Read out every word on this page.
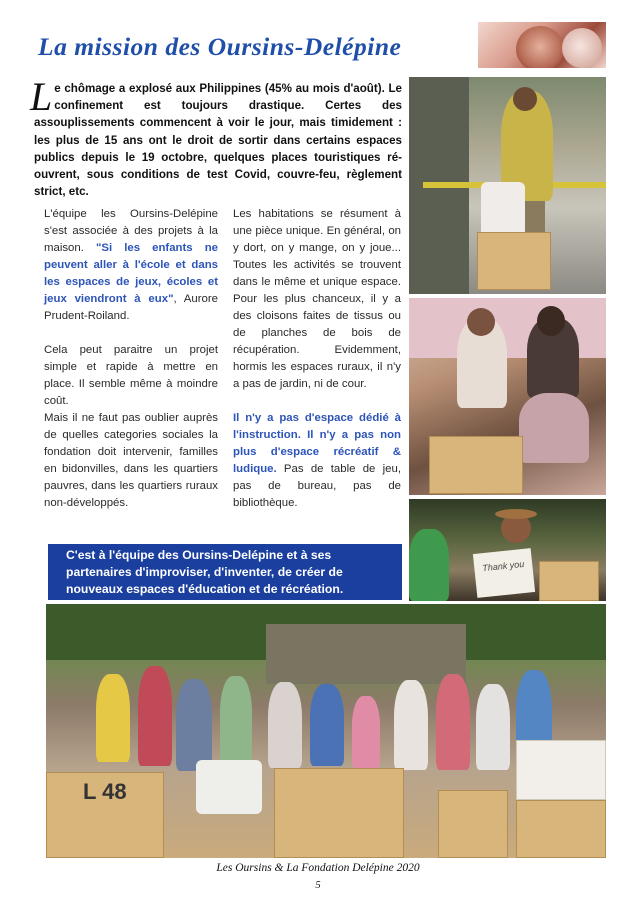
La mission des Oursins-Delépine
Le chômage a explosé aux Philippines (45% au mois d'août). Le confinement est toujours drastique. Certes des assouplissements commencent à voir le jour, mais timidement : les plus de 15 ans ont le droit de sortir dans certains espaces publics depuis le 19 octobre, quelques places touristiques ré-ouvrent, sous conditions de test Covid, couvre-feu, règlement strict, etc.

L'équipe les Oursins-Delépine s'est associée à des projets à la maison. "Si les enfants ne peuvent aller à l'école et dans les espaces de jeux, écoles et jeux viendront à eux", Aurore Prudent-Roiland.

Cela peut paraitre un projet simple et rapide à mettre en place. Il semble même à moindre coût.

Mais il ne faut pas oublier auprès de quelles categories sociales la fondation doit intervenir, familles en bidonvilles, dans les quartiers pauvres, dans les quartiers ruraux non-développés.

Les habitations se résument à une pièce unique. En général, on y dort, on y mange, on y joue... Toutes les activités se trouvent dans le même et unique espace. Pour les plus chanceux, il y a des cloisons faites de tissus ou de planches de bois de récupération. Evidemment, hormis les espaces ruraux, il n'y a pas de jardin, ni de cour.

Il n'y a pas d'espace dédié à l'instruction. Il n'y a pas non plus d'espace récréatif & ludique. Pas de table de jeu, pas de bureau, pas de bibliothèque.

C'est à l'équipe des Oursins-Delépine et à ses partenaires d'improviser, d'inventer, de créer de nouveaux espaces d'éducation et de récréation.
Thank you
L 48
Les Oursins & La Fondation Delépine 2020
5
